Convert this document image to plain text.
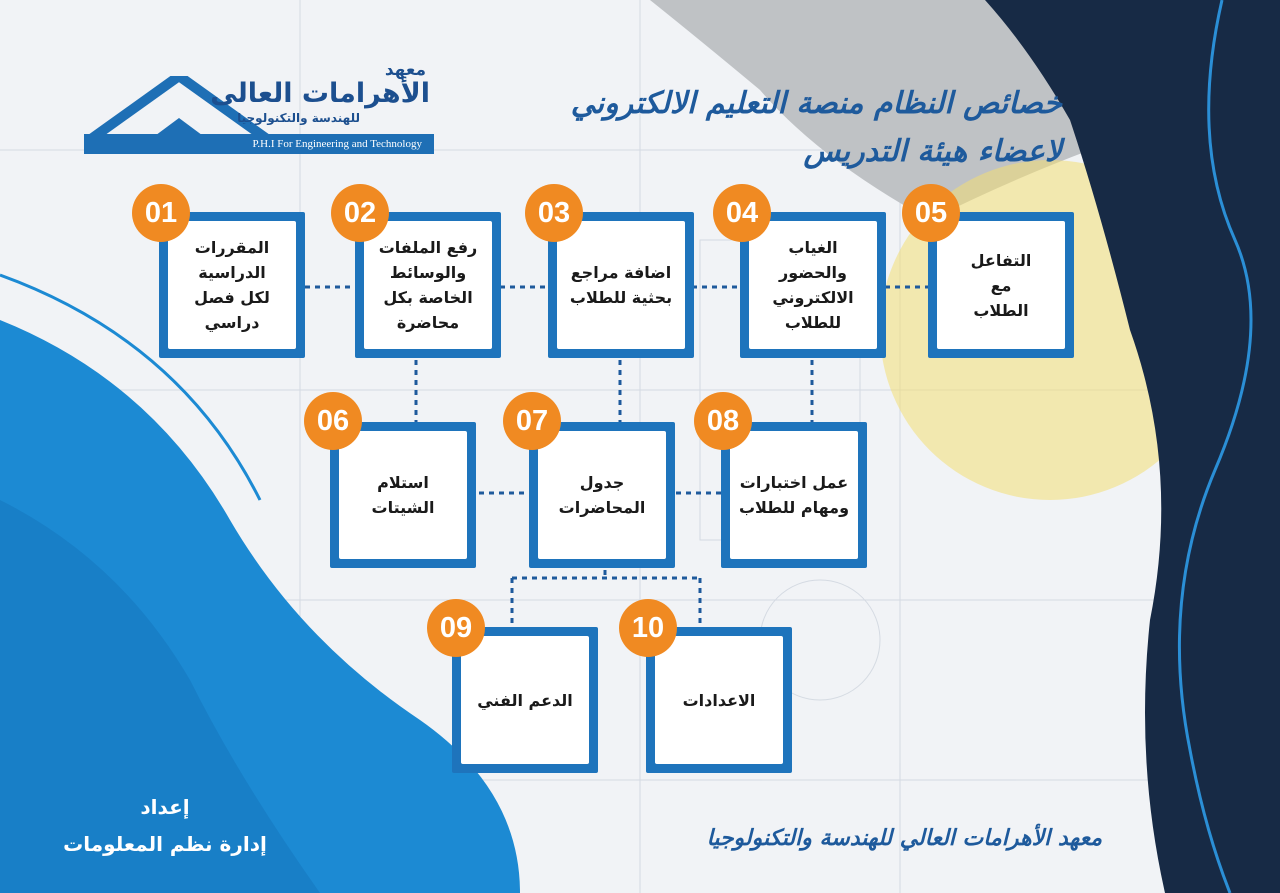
معهد
الأهرامات العالى
للهندسة والتكنولوجيا
P.H.I For Engineering and Technology
خصائص النظام منصة التعليم الالكتروني
لاعضاء هيئة التدريس
المقررات
الدراسية
لكل فصل
دراسي
01
رفع الملفات
والوسائط
الخاصة بكل
محاضرة
02
اضافة مراجع
بحثية للطلاب
03
الغياب
والحضور
الالكتروني
للطلاب
04
التفاعل
مع
الطلاب
05
استلام
الشيتات
06
جدول
المحاضرات
07
عمل اختبارات
ومهام للطلاب
08
الدعم الفني
09
الاعدادات
10
إعداد
إدارة نظم المعلومات	معهد الأهرامات العالي للهندسة والتكنولوجيا
